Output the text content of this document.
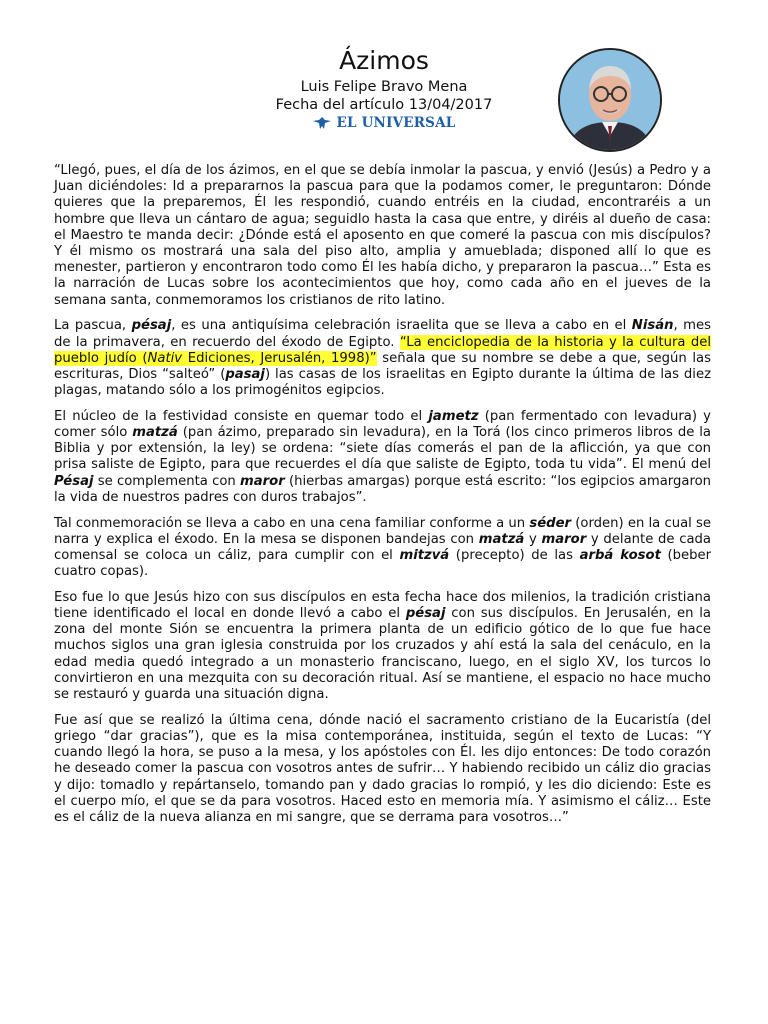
Ázimos

Luis Felipe Bravo Mena

Fecha del artículo 13/04/2017

EL UNIVERSAL

“Llegó, pues, el día de los ázimos, en el que se debía inmolar la pascua, y envió (Jesús) a Pedro y a Juan diciéndoles: Id a prepararnos la pascua para que la podamos comer, le preguntaron: Dónde quieres que la preparemos, Él les respondió, cuando entréis en la ciudad, encontraréis a un hombre que lleva un cántaro de agua; seguidlo hasta la casa que entre, y diréis al dueño de casa: el Maestro te manda decir: ¿Dónde está el aposento en que comeré la pascua con mis discípulos? Y él mismo os mostrará una sala del piso alto, amplia y amueblada; disponed allí lo que es menester, partieron y encontraron todo como Él les había dicho, y prepararon la pascua…” Esta es la narración de Lucas sobre los acontecimientos que hoy, como cada año en el jueves de la semana santa, conmemoramos los cristianos de rito latino.

La pascua, pésaj, es una antiquísima celebración israelita que se lleva a cabo en el Nisán, mes de la primavera, en recuerdo del éxodo de Egipto. “La enciclopedia de la historia y la cultura del pueblo judío (Nativ Ediciones, Jerusalén, 1998)” señala que su nombre se debe a que, según las escrituras, Dios “salteó” (pasaj) las casas de los israelitas en Egipto durante la última de las diez plagas, matando sólo a los primogénitos egipcios.

El núcleo de la festividad consiste en quemar todo el jametz (pan fermentado con levadura) y comer sólo matzá (pan ázimo, preparado sin levadura), en la Torá (los cinco primeros libros de la Biblia y por extensión, la ley) se ordena: “siete días comerás el pan de la aflicción, ya que con prisa saliste de Egipto, para que recuerdes el día que saliste de Egipto, toda tu vida”. El menú del Pésaj se complementa con maror (hierbas amargas) porque está escrito: “los egipcios amargaron la vida de nuestros padres con duros trabajos”.

Tal conmemoración se lleva a cabo en una cena familiar conforme a un séder (orden) en la cual se narra y explica el éxodo. En la mesa se disponen bandejas con matzá y maror y delante de cada comensal se coloca un cáliz, para cumplir con el mitzvá (precepto) de las arbá kosot (beber cuatro copas).

Eso fue lo que Jesús hizo con sus discípulos en esta fecha hace dos milenios, la tradición cristiana tiene identificado el local en donde llevó a cabo el pésaj con sus discípulos. En Jerusalén, en la zona del monte Sión se encuentra la primera planta de un edificio gótico de lo que fue hace muchos siglos una gran iglesia construida por los cruzados y ahí está la sala del cenáculo, en la edad media quedó integrado a un monasterio franciscano, luego, en el siglo XV, los turcos lo convirtieron en una mezquita con su decoración ritual. Así se mantiene, el espacio no hace mucho se restauró y guarda una situación digna.

Fue así que se realizó la última cena, dónde nació el sacramento cristiano de la Eucaristía (del griego “dar gracias”), que es la misa contemporánea, instituida, según el texto de Lucas: “Y cuando llegó la hora, se puso a la mesa, y los apóstoles con Él. les dijo entonces: De todo corazón he deseado comer la pascua con vosotros antes de sufrir… Y habiendo recibido un cáliz dio gracias y dijo: tomadlo y repártanselo, tomando pan y dado gracias lo rompió, y les dio diciendo: Este es el cuerpo mío, el que se da para vosotros. Haced esto en memoria mía. Y asimismo el cáliz… Este es el cáliz de la nueva alianza en mi sangre, que se derrama para vosotros…”
